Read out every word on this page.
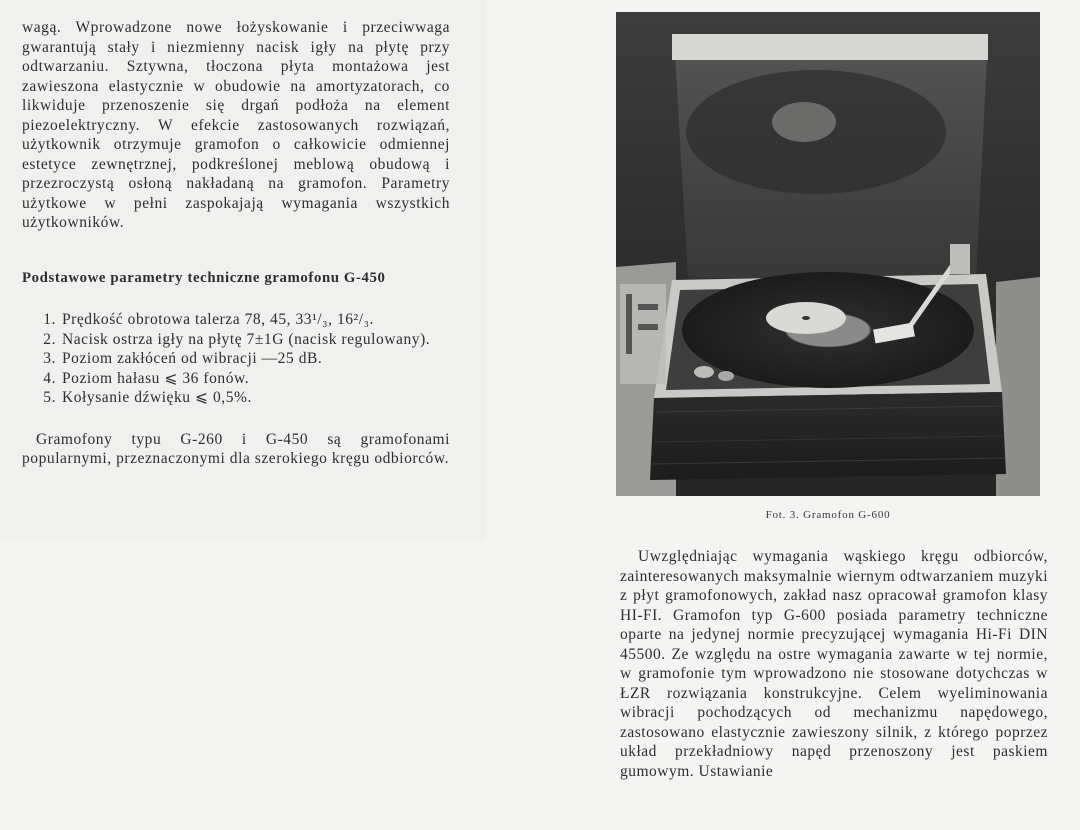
wagą. Wprowadzone nowe łożyskowanie i przeciwwaga gwarantują stały i niezmienny nacisk igły na płytę przy odtwarzaniu. Sztywna, tłoczona płyta montażowa jest zawieszona elastycznie w obudowie na amortyzatorach, co likwiduje przenoszenie się drgań podłoża na element piezoelektryczny. W efekcie zastosowanych rozwiązań, użytkownik otrzymuje gramofon o całkowicie odmiennej estetyce zewnętrznej, podkreślonej meblową obudową i przezroczystą osłoną nakładaną na gramofon. Parametry użytkowe w pełni zaspokajają wymagania wszystkich użytkowników.

Podstawowe parametry techniczne gramofonu G-450

1. Prędkość obrotowa talerza 78, 45, 33¹/₃, 16²/₃.
2. Nacisk ostrza igły na płytę 7±1G (nacisk regulowany).
3. Poziom zakłóceń od wibracji —25 dB.
4. Poziom hałasu ⩽ 36 fonów.
5. Kołysanie dźwięku ⩽ 0,5%.

Gramofony typu G-260 i G-450 są gramofonami popularnymi, przeznaczonymi dla szerokiego kręgu odbiorców.

Fot. 3. Gramofon G-600

Uwzględniając wymagania wąskiego kręgu odbiorców, zainteresowanych maksymalnie wiernym odtwarzaniem muzyki z płyt gramofonowych, zakład nasz opracował gramofon klasy HI-FI. Gramofon typ G-600 posiada parametry techniczne oparte na jedynej normie precyzującej wymagania Hi-Fi DIN 45500. Ze względu na ostre wymagania zawarte w tej normie, w gramofonie tym wprowadzono nie stosowane dotychczas w ŁZR rozwiązania konstrukcyjne. Celem wyeliminowania wibracji pochodzących od mechanizmu napędowego, zastosowano elastycznie zawieszony silnik, z którego poprzez układ przekładniowy napęd przenoszony jest paskiem gumowym. Ustawianie
